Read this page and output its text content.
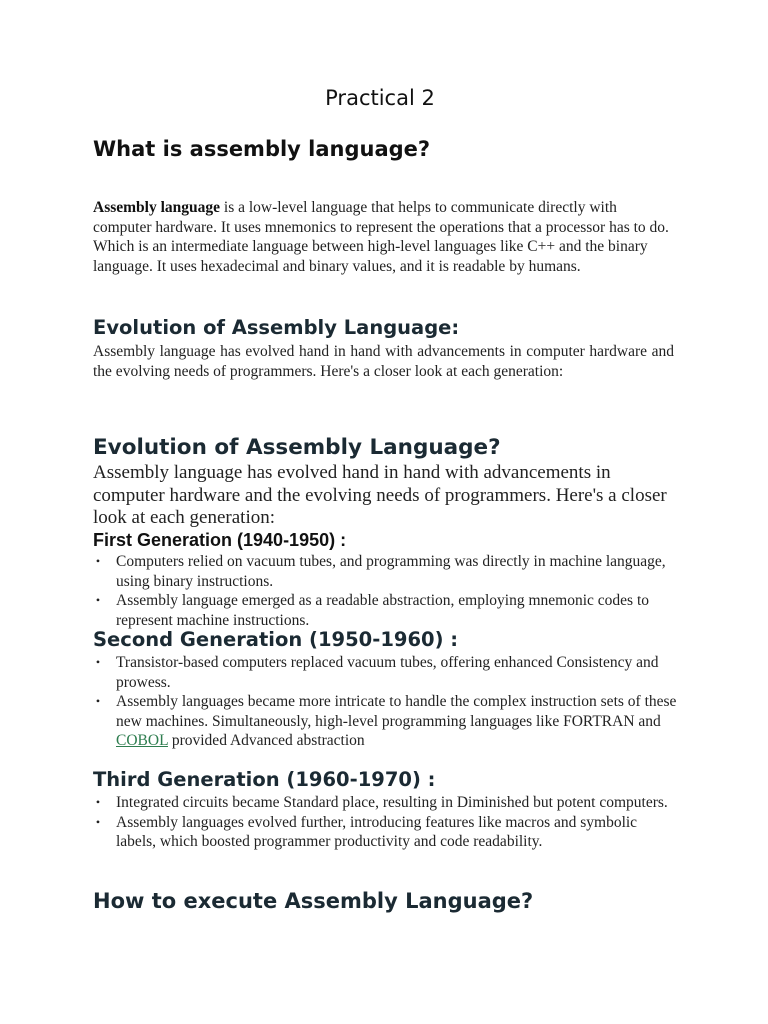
Practical 2
What is assembly language?

Assembly language is a low-level language that helps to communicate directly with computer hardware. It uses mnemonics to represent the operations that a processor has to do. Which is an intermediate language between high-level languages like C++ and the binary language. It uses hexadecimal and binary values, and it is readable by humans.

Evolution of Assembly Language:

Assembly language has evolved hand in hand with advancements in computer hardware and the evolving needs of programmers. Here's a closer look at each generation:

Evolution of Assembly Language?

Assembly language has evolved hand in hand with advancements in computer hardware and the evolving needs of programmers. Here's a closer look at each generation:

First Generation (1940-1950) :
• Computers relied on vacuum tubes, and programming was directly in machine language, using binary instructions.
• Assembly language emerged as a readable abstraction, employing mnemonic codes to represent machine instructions.
Second Generation (1950-1960) :
• Transistor-based computers replaced vacuum tubes, offering enhanced Consistency and prowess.
• Assembly languages became more intricate to handle the complex instruction sets of these new machines. Simultaneously, high-level programming languages like FORTRAN and COBOL provided Advanced abstraction
Third Generation (1960-1970) :
• Integrated circuits became Standard place, resulting in Diminished but potent computers.
• Assembly languages evolved further, introducing features like macros and symbolic labels, which boosted programmer productivity and code readability.
How to execute Assembly Language?
